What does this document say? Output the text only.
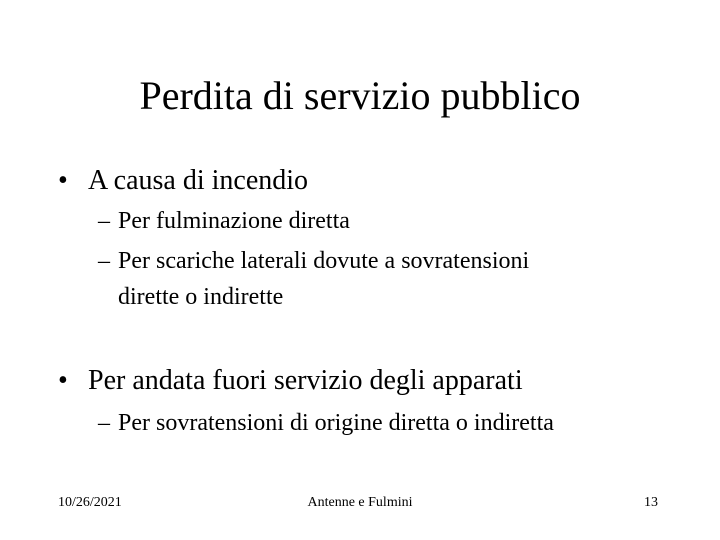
Perdita di servizio pubblico
• A causa di incendio
– Per fulminazione diretta
– Per scariche laterali dovute a sovratensioni
dirette o indirette
• Per andata fuori servizio degli apparati
– Per sovratensioni di origine diretta o indiretta
10/26/2021	Antenne e Fulmini	13
